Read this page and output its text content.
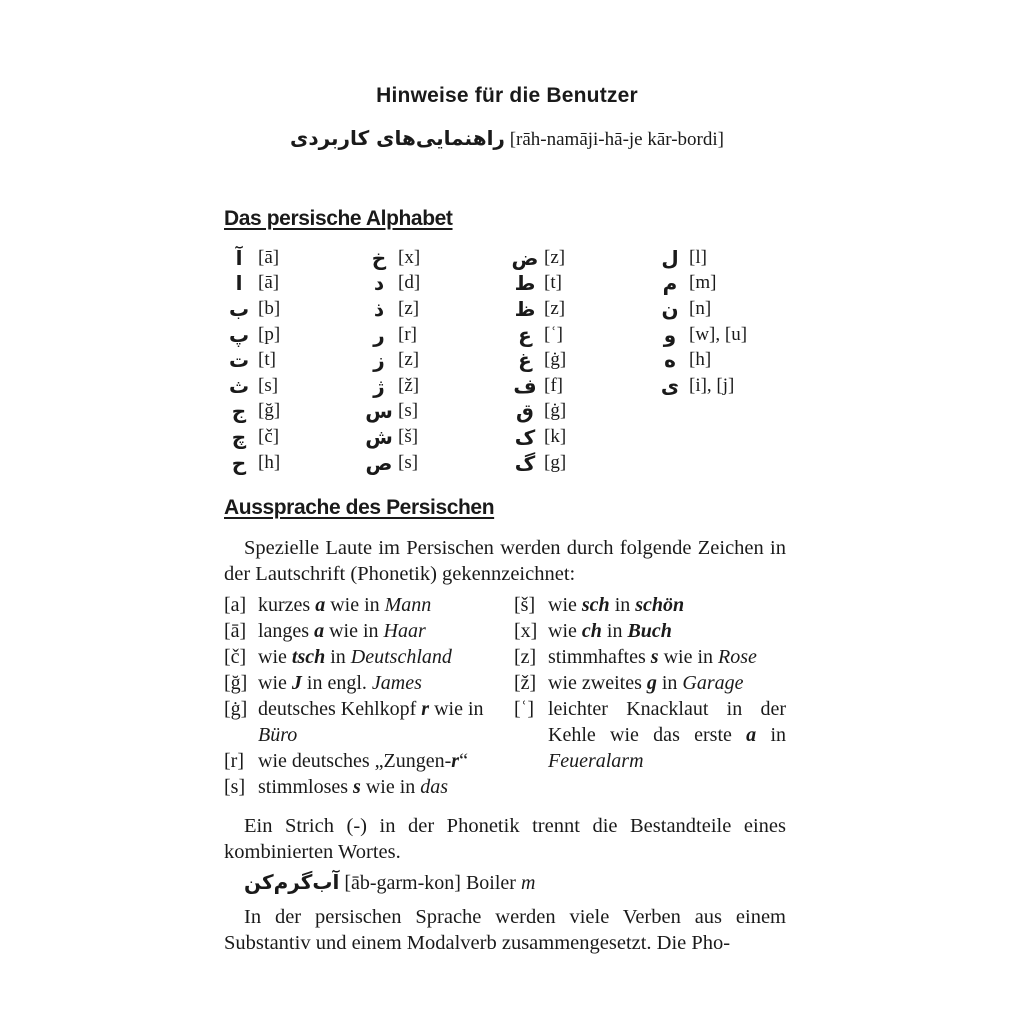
Hinweise für die Benutzer
راهنمایی‌های کاربردی [rāh-namāji-hā-je kār-bordi]
Das persische Alphabet
آ [ā]
ا [ā]
ب [b]
پ [p]
ت [t]
ث [s]
ج [ğ]
چ [č]
ح [h]
خ [x]
د [d]
ذ [z]
ر [r]
ز [z]
ژ [ž]
س [s]
ش [š]
ص [s]
ض [z]
ط [t]
ظ [z]
ع [ʿ]
غ [ġ]
ف [f]
ق [ġ]
ک [k]
گ [g]
ل [l]
م [m]
ن [n]
و [w], [u]
ه [h]
ی [i], [j]
Aussprache des Persischen
Spezielle Laute im Persischen werden durch folgende Zeichen in der Lautschrift (Phonetik) gekennzeichnet:
[a] kurzes a wie in Mann
[ā] langes a wie in Haar
[č] wie tsch in Deutschland
[ğ] wie J in engl. James
[ġ] deutsches Kehlkopf r wie in Büro
[r] wie deutsches „Zungen-r“
[s] stimmloses s wie in das
[š] wie sch in schön
[x] wie ch in Buch
[z] stimmhaftes s wie in Rose
[ž] wie zweites g in Garage
[ʿ] leichter Knacklaut in der Kehle wie das erste a in Feueralarm
Ein Strich (-) in der Phonetik trennt die Bestandteile eines kombinierten Wortes.
آب‌گرم‌کن [āb-garm-kon] Boiler m
In der persischen Sprache werden viele Verben aus einem Substantiv und einem Modalverb zusammengesetzt. Die Pho-
